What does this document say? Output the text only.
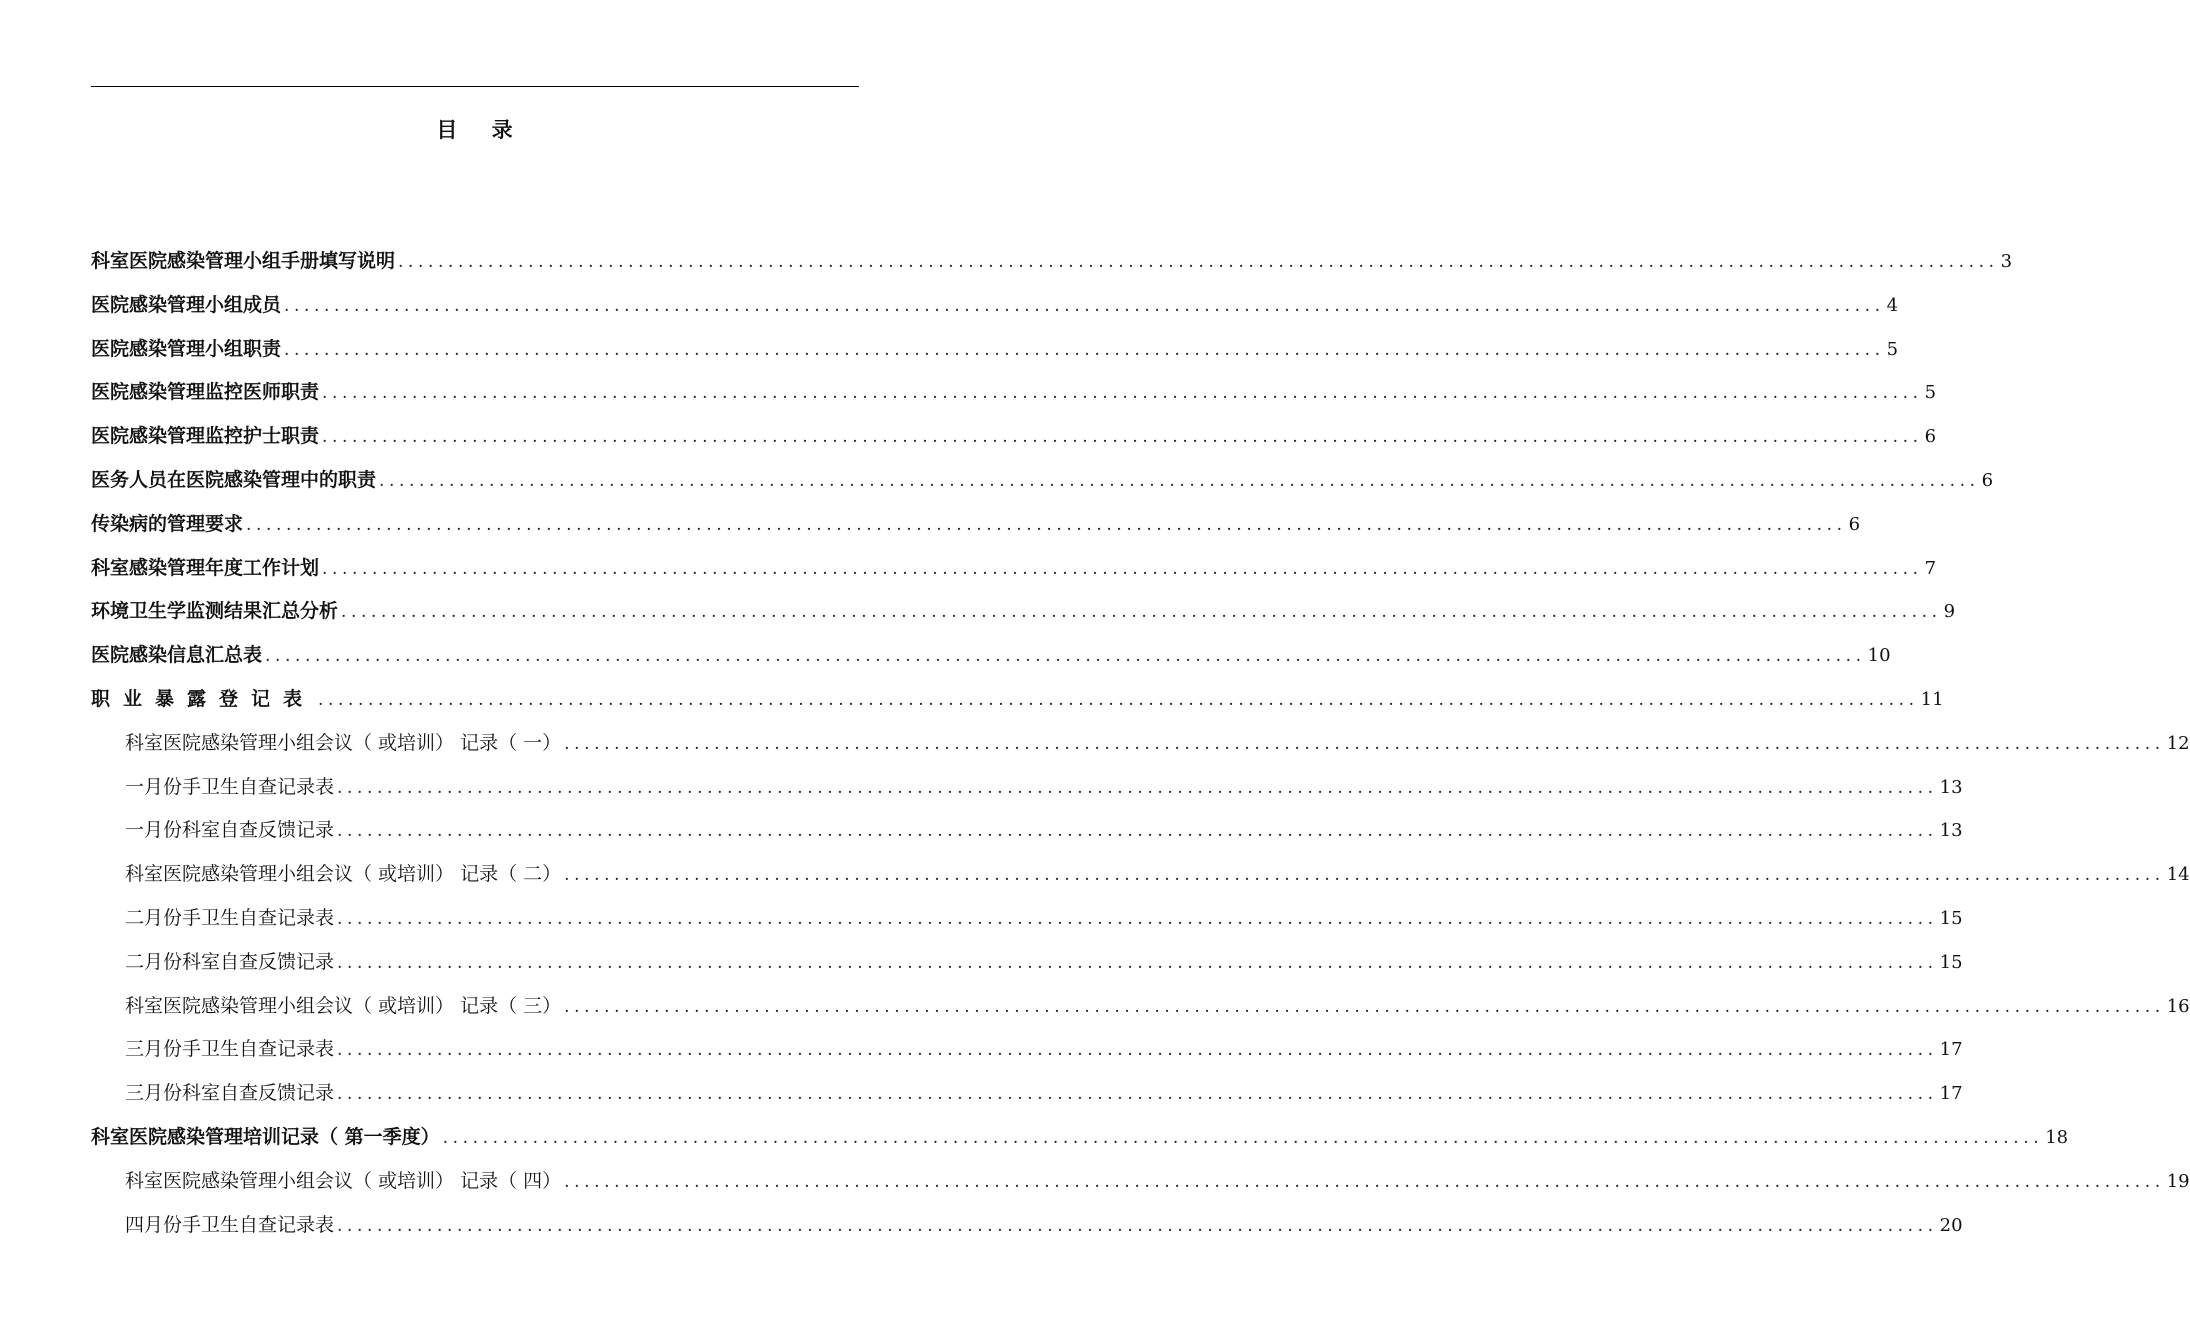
目    录
科室医院感染管理小组手册填写说明 ................................................................................................................................................................ 3
医院感染管理小组成员 ................................................................................................................................................................ 4
医院感染管理小组职责 ................................................................................................................................................................ 5
医院感染管理监控医师职责 ................................................................................................................................................................ 5
医院感染管理监控护士职责 ................................................................................................................................................................ 6
医务人员在医院感染管理中的职责 ................................................................................................................................................................ 6
传染病的管理要求 ................................................................................................................................................................ 6
科室感染管理年度工作计划 ................................................................................................................................................................ 7
环境卫生学监测结果汇总分析 ................................................................................................................................................................ 9
医院感染信息汇总表 ................................................................................................................................................................ 10
职业暴露登记表 ................................................................................................................................................................ 11
科室医院感染管理小组会议（ 或培训） 记录（ 一） ................................................................................................................................................................ 12
一月份手卫生自查记录表 ................................................................................................................................................................ 13
一月份科室自查反馈记录 ................................................................................................................................................................ 13
科室医院感染管理小组会议（ 或培训） 记录（ 二） ................................................................................................................................................................ 14
二月份手卫生自查记录表 ................................................................................................................................................................ 15
二月份科室自查反馈记录 ................................................................................................................................................................ 15
科室医院感染管理小组会议（ 或培训） 记录（ 三） ................................................................................................................................................................ 16
三月份手卫生自查记录表 ................................................................................................................................................................ 17
三月份科室自查反馈记录 ................................................................................................................................................................ 17
科室医院感染管理培训记录（ 第一季度） ................................................................................................................................................................ 18
科室医院感染管理小组会议（ 或培训） 记录（ 四） ................................................................................................................................................................ 19
四月份手卫生自查记录表 ................................................................................................................................................................ 20
